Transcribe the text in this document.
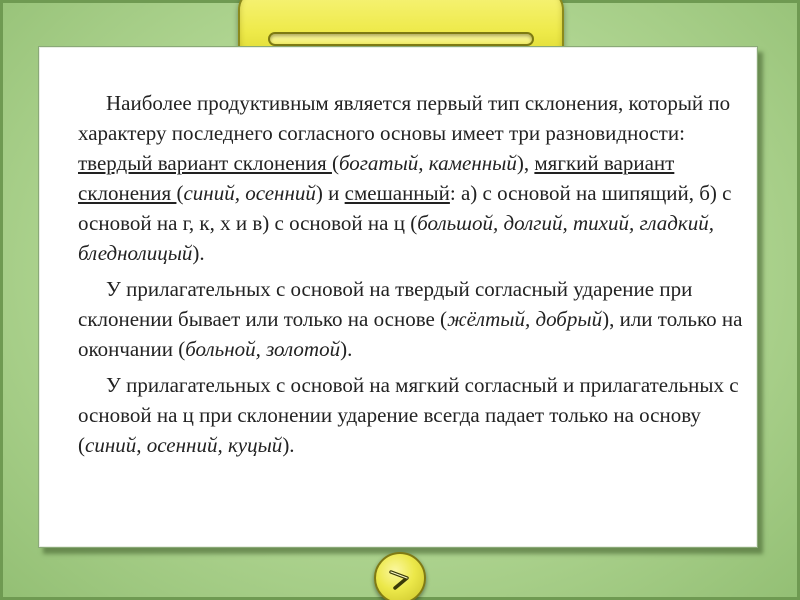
Наиболее продуктивным является первый тип склонения, который по характеру последнего согласного основы имеет три разновидности: твердый вариант склонения (богатый, каменный), мягкий вариант склонения (синий, осенний) и смешанный: а) с основой на шипящий, б) с основой на г, к, х и в) с основой на ц (большой, долгий, тихий, гладкий, бледнолицый).

У прилагательных с основой на твердый согласный ударение при склонении бывает или только на основе (жёлтый, добрый), или только на окончании (больной, золотой).

У прилагательных с основой на мягкий согласный и прилагательных с основой на ц при склонении ударение всегда падает только на основу (синий, осенний, куцый).
